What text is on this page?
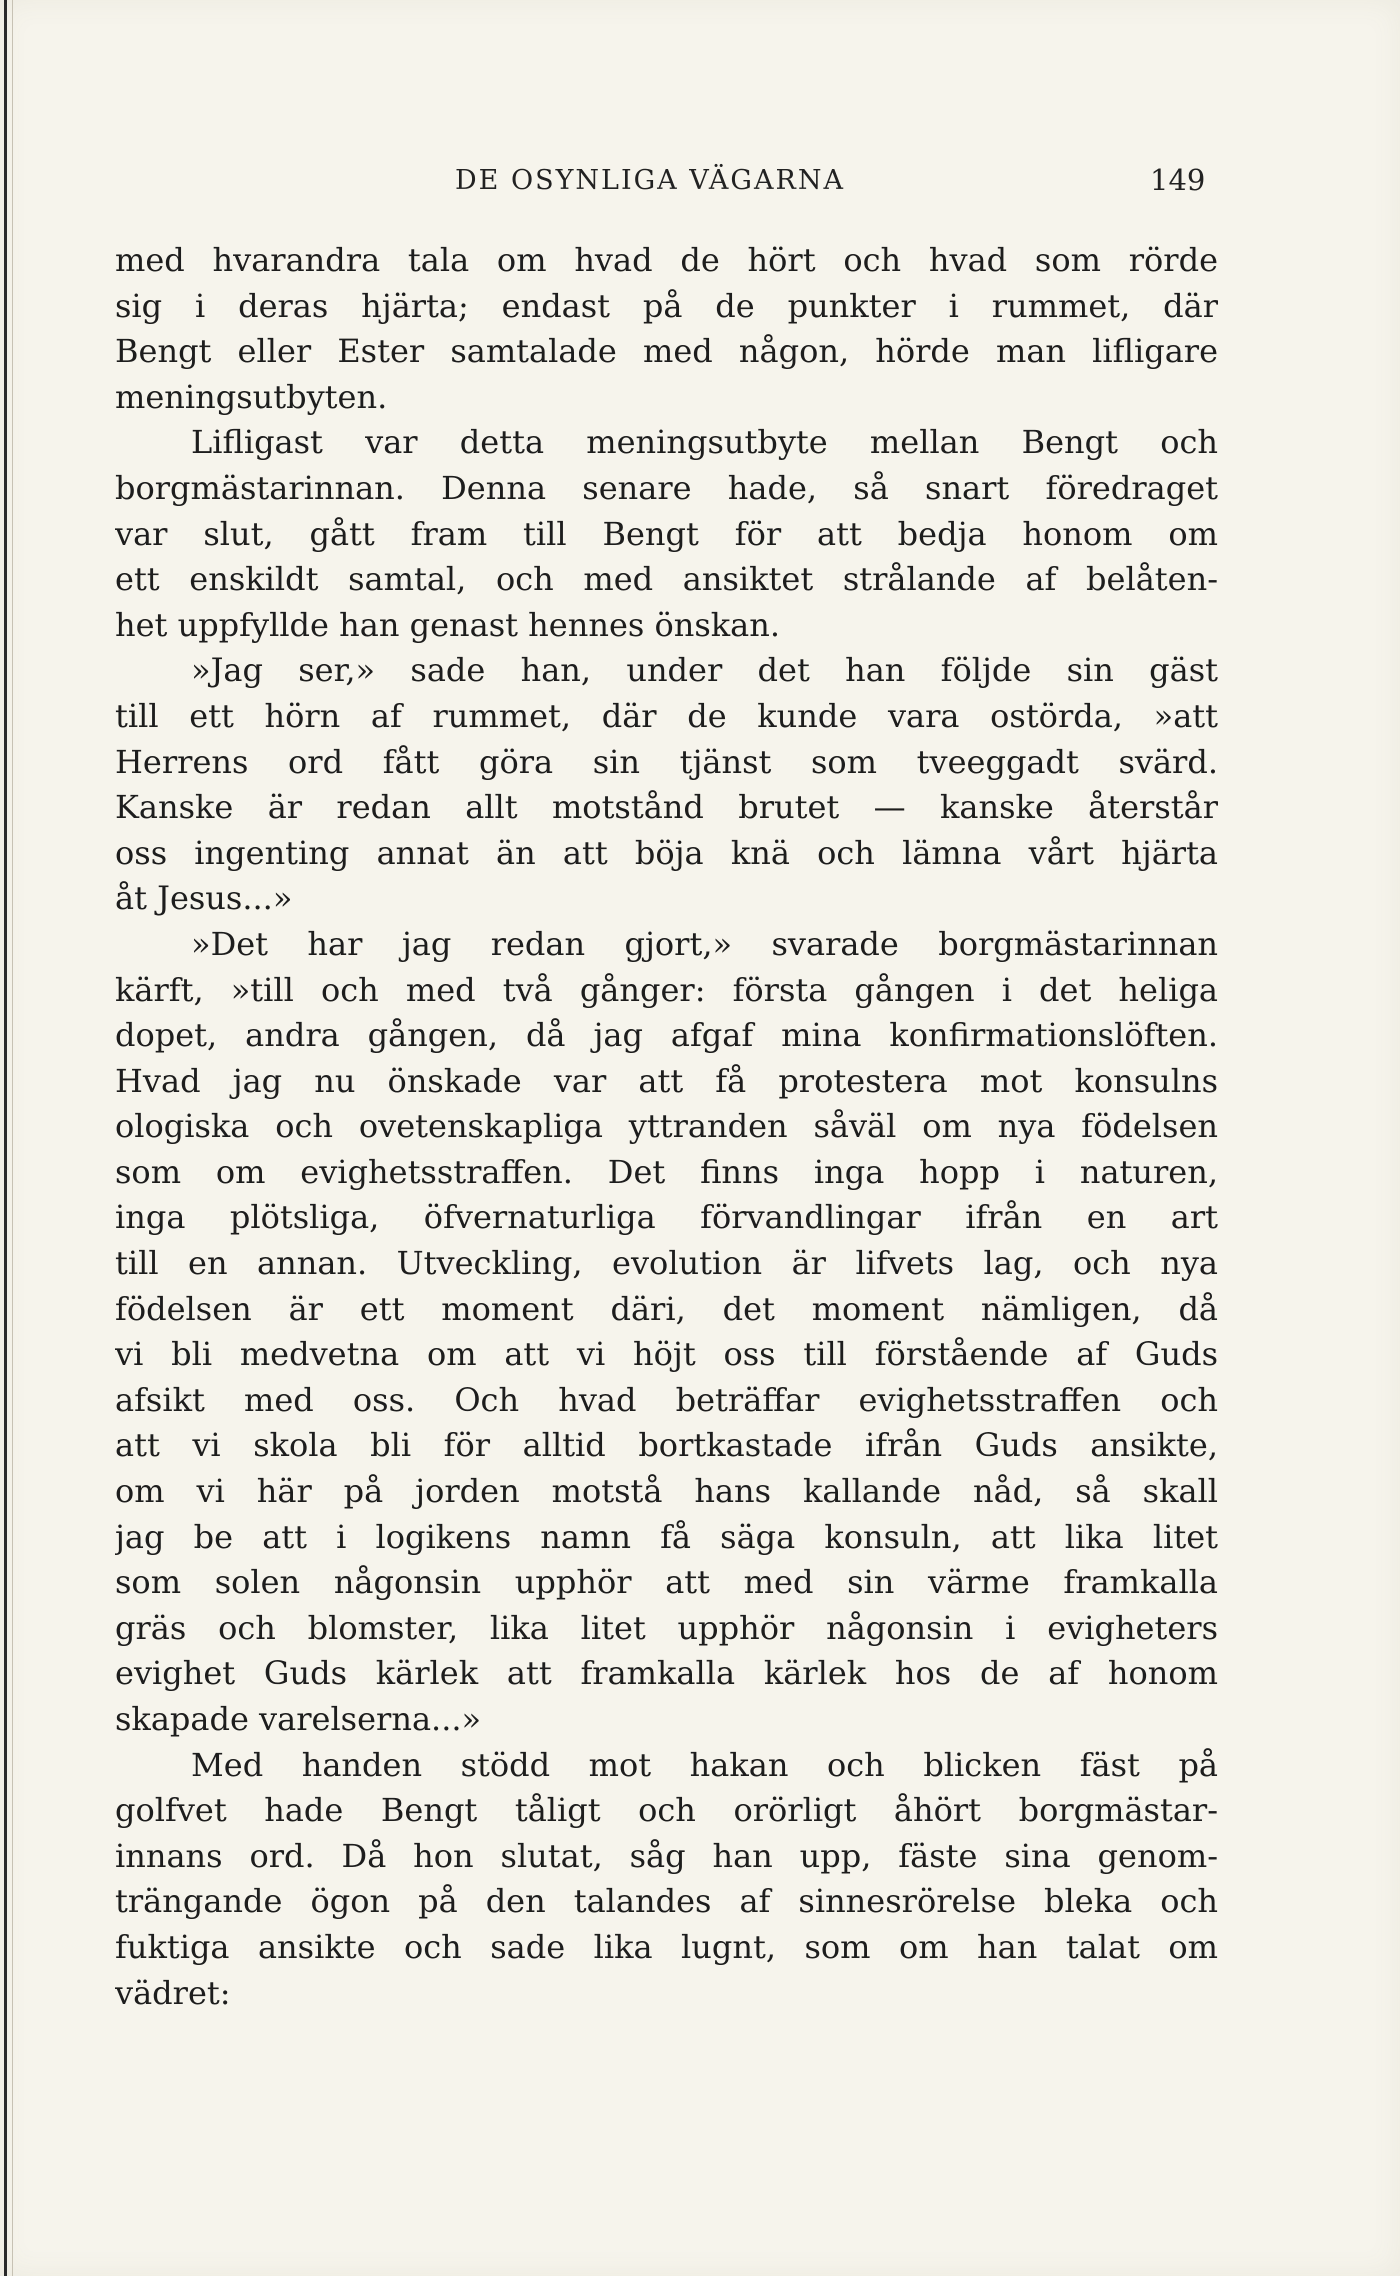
DE OSYNLIGA VÄGARNA	149
med hvarandra tala om hvad de hört och hvad som rörde
sig i deras hjärta; endast på de punkter i rummet, där
Bengt eller Ester samtalade med någon, hörde man lifligare
meningsutbyten.
Lifligast var detta meningsutbyte mellan Bengt och
borgmästarinnan. Denna senare hade, så snart föredraget
var slut, gått fram till Bengt för att bedja honom om
ett enskildt samtal, och med ansiktet strålande af belåten-
het uppfyllde han genast hennes önskan.
»Jag ser,» sade han, under det han följde sin gäst
till ett hörn af rummet, där de kunde vara ostörda, »att
Herrens ord fått göra sin tjänst som tveeggadt svärd.
Kanske är redan allt motstånd brutet — kanske återstår
oss ingenting annat än att böja knä och lämna vårt hjärta
åt Jesus...»
»Det har jag redan gjort,» svarade borgmästarinnan
kärft, »till och med två gånger: första gången i det heliga
dopet, andra gången, då jag afgaf mina konfirmationslöften.
Hvad jag nu önskade var att få protestera mot konsulns
ologiska och ovetenskapliga yttranden såväl om nya födelsen
som om evighetsstraffen. Det finns inga hopp i naturen,
inga plötsliga, öfvernaturliga förvandlingar ifrån en art
till en annan. Utveckling, evolution är lifvets lag, och nya
födelsen är ett moment däri, det moment nämligen, då
vi bli medvetna om att vi höjt oss till förstående af Guds
afsikt med oss. Och hvad beträffar evighetsstraffen och
att vi skola bli för alltid bortkastade ifrån Guds ansikte,
om vi här på jorden motstå hans kallande nåd, så skall
jag be att i logikens namn få säga konsuln, att lika litet
som solen någonsin upphör att med sin värme framkalla
gräs och blomster, lika litet upphör någonsin i evigheters
evighet Guds kärlek att framkalla kärlek hos de af honom
skapade varelserna...»
Med handen stödd mot hakan och blicken fäst på
golfvet hade Bengt tåligt och orörligt åhört borgmästar-
innans ord. Då hon slutat, såg han upp, fäste sina genom-
trängande ögon på den talandes af sinnesrörelse bleka och
fuktiga ansikte och sade lika lugnt, som om han talat om
vädret:
